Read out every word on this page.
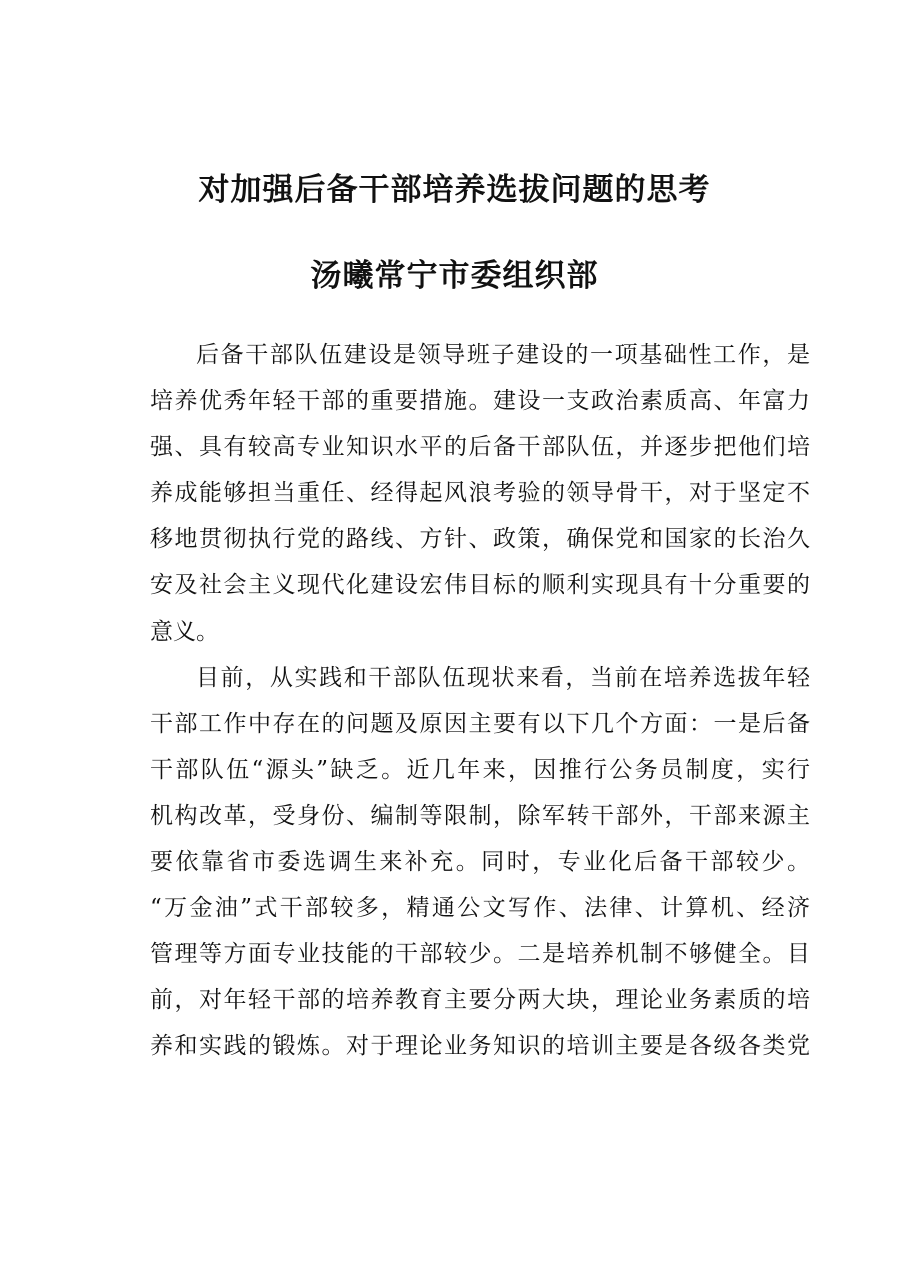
对加强后备干部培养选拔问题的思考
汤曦常宁市委组织部
后备干部队伍建设是领导班子建设的一项基础性工作，是
培养优秀年轻干部的重要措施。建设一支政治素质高、年富力
强、具有较高专业知识水平的后备干部队伍，并逐步把他们培
养成能够担当重任、经得起风浪考验的领导骨干，对于坚定不
移地贯彻执行党的路线、方针、政策，确保党和国家的长治久
安及社会主义现代化建设宏伟目标的顺利实现具有十分重要的
意义。
目前，从实践和干部队伍现状来看，当前在培养选拔年轻
干部工作中存在的问题及原因主要有以下几个方面：一是后备
干部队伍“源头”缺乏。近几年来，因推行公务员制度，实行
机构改革，受身份、编制等限制，除军转干部外，干部来源主
要依靠省市委选调生来补充。同时，专业化后备干部较少。
“万金油”式干部较多，精通公文写作、法律、计算机、经济
管理等方面专业技能的干部较少。二是培养机制不够健全。目
前，对年轻干部的培养教育主要分两大块，理论业务素质的培
养和实践的锻炼。对于理论业务知识的培训主要是各级各类党
